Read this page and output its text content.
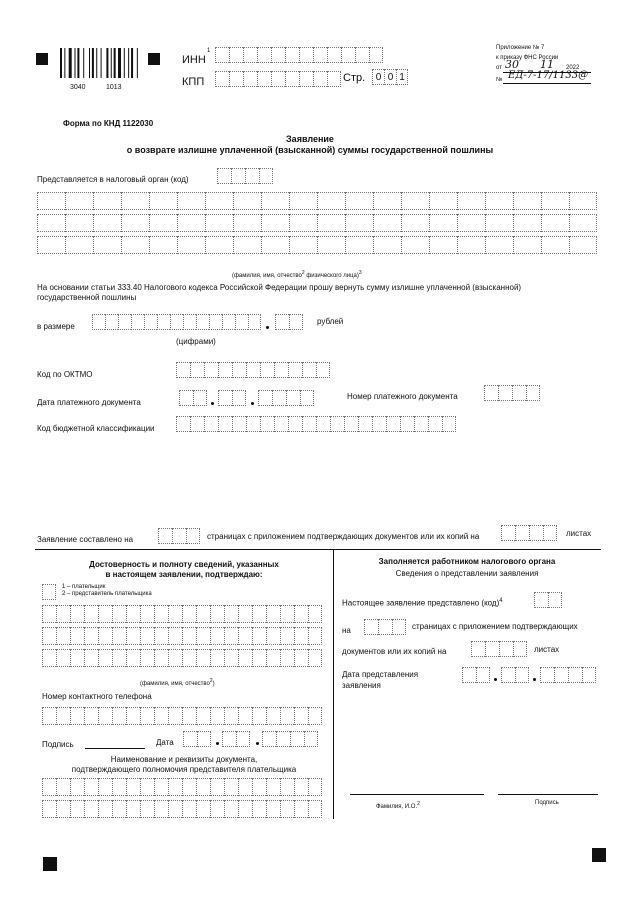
3040	1013
ИНН
1
КПП	Стр. 0 0 1
Приложение № 7
к приказу ФНС России
от 30 11 2022
№ ЕД-7-17/1133@
Форма по КНД 1122030
Заявление
о возврате излишне уплаченной (взысканной) суммы государственной пошлины
Представляется в налоговый орган (код)
(фамилия, имя, отчество$^2$ физического лица)$^3$
На основании статьи 333.40 Налогового кодекса Российской Федерации прошу вернуть сумму излишне уплаченной (взысканной)
государственной пошлины
в размере
рублей
(цифрами)
Код по ОКТМО
Дата платежного документа
Номер платежного документа
Код бюджетной классификации
Заявление составлено на	страницах с приложением подтверждающих документов или их копий на	листах
Достоверность и полноту сведений, указанных
в настоящем заявлении, подтверждаю:
1 – плательщик
2 – представитель плательщика
(фамилия, имя, отчество$^2$)
Номер контактного телефона
Подпись	Дата
Наименование и реквизиты документа,
подтверждающего полномочия представителя плательщика
Заполняется работником налогового органа
Сведения о представлении заявления
Настоящее заявление представлено (код)$^4$
на	страницах с приложением подтверждающих
документов или их копий на	листах
Дата представления
заявления
Фамилия, И.О.$^2$	Подпись
